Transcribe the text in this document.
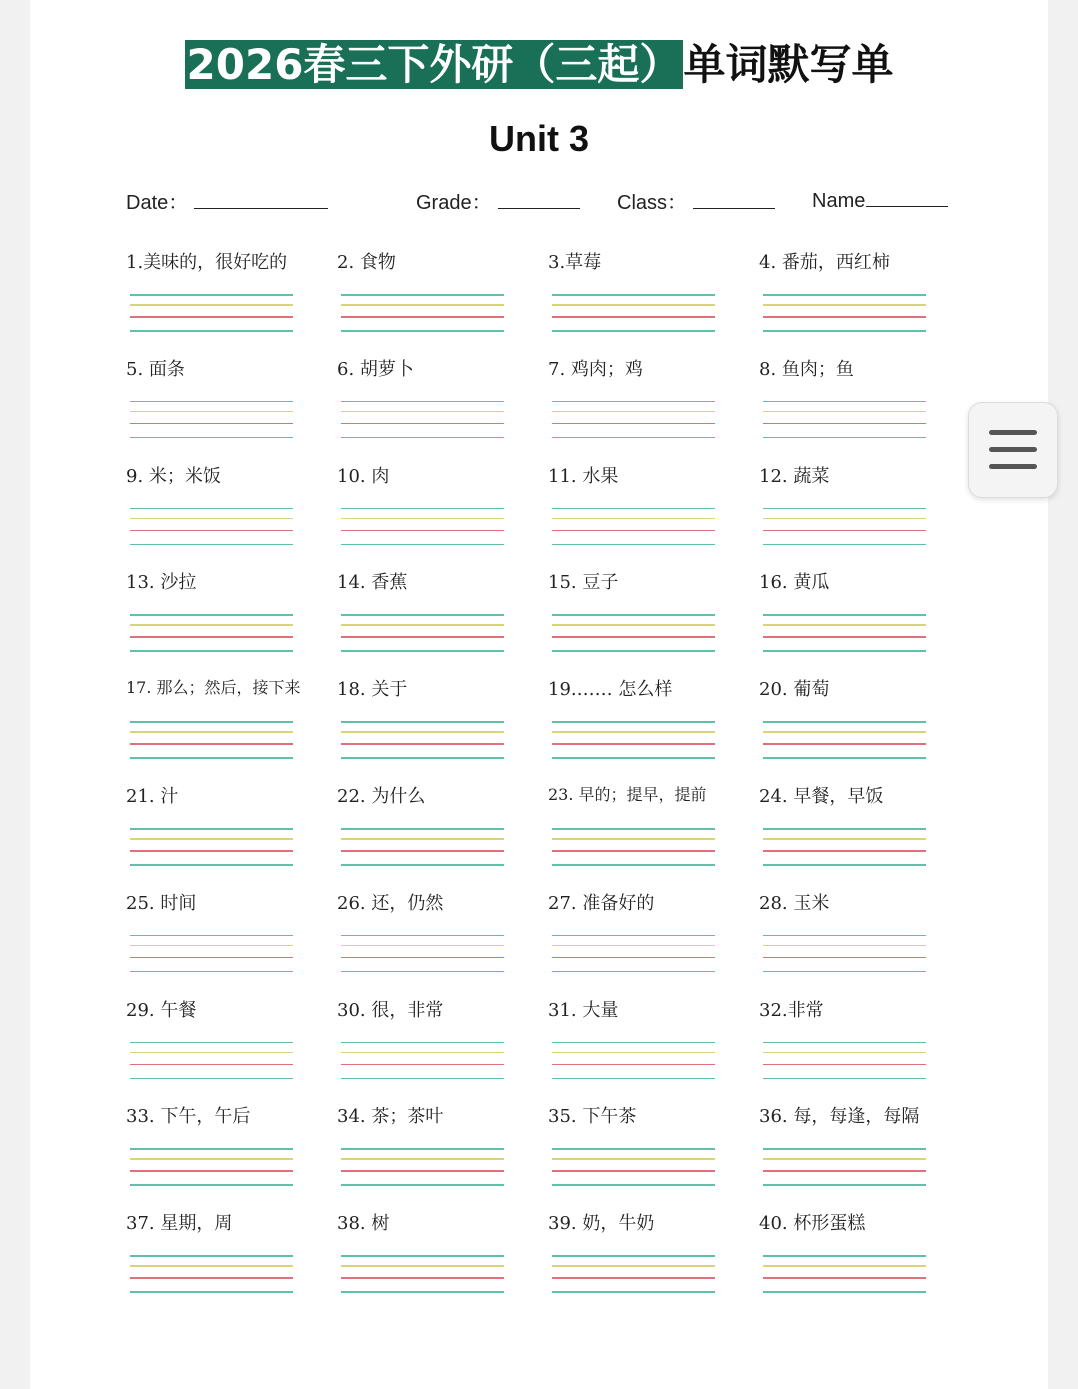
2026春三下外研（三起）单词默写单
Unit 3
Date：	Grade：	Class：	Name
1.美味的，很好吃的	2. 食物	3.草莓	4. 番茄，西红柿
5. 面条	6. 胡萝卜	7. 鸡肉；鸡	8. 鱼肉；鱼
9. 米；米饭	10. 肉	11. 水果	12. 蔬菜
13. 沙拉	14. 香蕉	15. 豆子	16. 黄瓜
17. 那么；然后，接下来 18. 关于	19.…… 怎么样	20. 葡萄
21. 汁	22. 为什么	23. 早的；提早，提前	24. 早餐，早饭
25. 时间	26. 还，仍然	27. 准备好的	28. 玉米
29. 午餐	30. 很，非常	31. 大量	32.非常
33. 下午，午后	34. 茶；茶叶	35. 下午茶	36. 每，每逢，每隔
37. 星期，周	38. 树	39. 奶，牛奶	40. 杯形蛋糕
